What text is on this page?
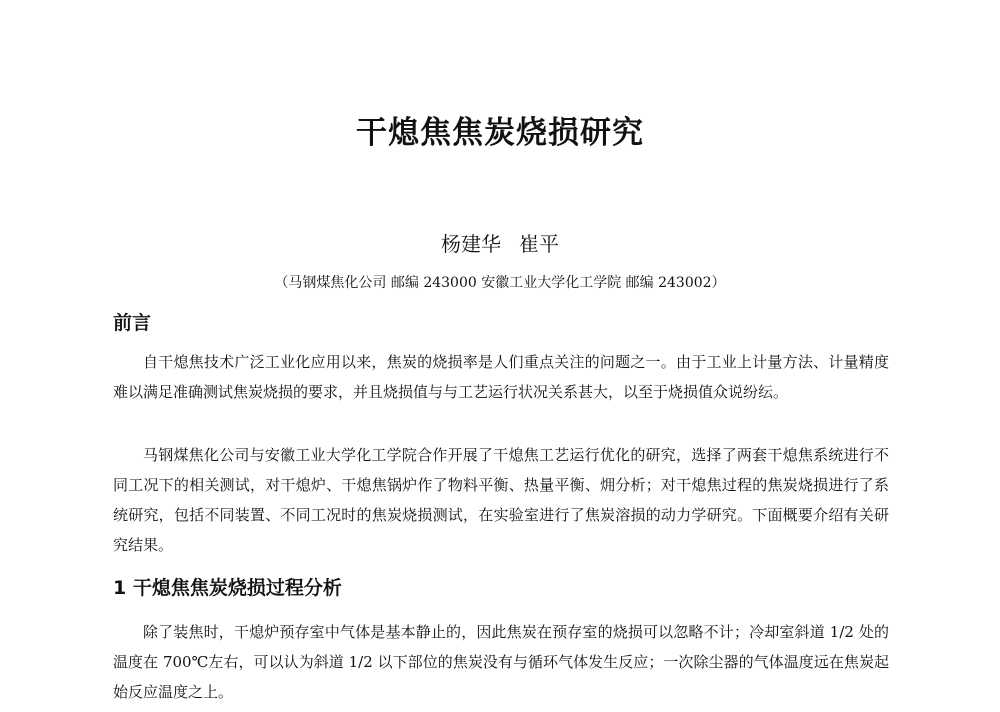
干熄焦焦炭烧损研究

杨建华 崔平

（马钢煤焦化公司 邮编 243000 安徽工业大学化工学院 邮编 243002）

前言

自干熄焦技术广泛工业化应用以来，焦炭的烧损率是人们重点关注的问题之一。由于工业上计量方法、计量精度难以满足准确测试焦炭烧损的要求，并且烧损值与与工艺运行状况关系甚大，以至于烧损值众说纷纭。

马钢煤焦化公司与安徽工业大学化工学院合作开展了干熄焦工艺运行优化的研究，选择了两套干熄焦系统进行不同工况下的相关测试，对干熄炉、干熄焦锅炉作了物料平衡、热量平衡、㶲分析；对干熄焦过程的焦炭烧损进行了系统研究，包括不同装置、不同工况时的焦炭烧损测试，在实验室进行了焦炭溶损的动力学研究。下面概要介绍有关研究结果。

1 干熄焦焦炭烧损过程分析

除了装焦时，干熄炉预存室中气体是基本静止的，因此焦炭在预存室的烧损可以忽略不计；冷却室斜道 1/2 处的温度在 700℃左右，可以认为斜道 1/2 以下部位的焦炭没有与循环气体发生反应；一次除尘器的气体温度远在焦炭起始反应温度之上。
